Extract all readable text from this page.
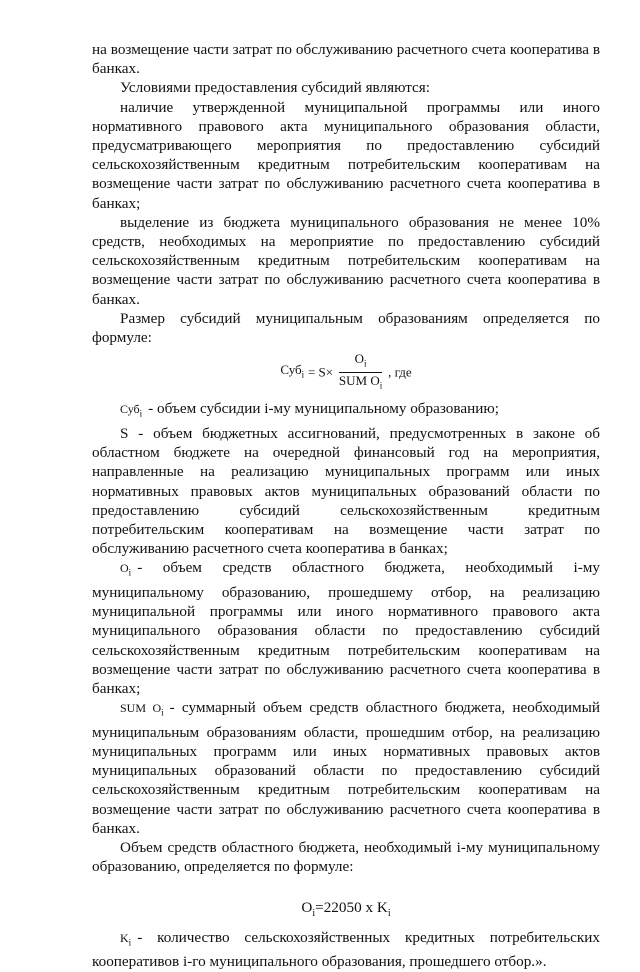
на возмещение части затрат по обслуживанию расчетного счета кооператива в банках.

Условиями предоставления субсидий являются:

наличие утвержденной муниципальной программы или иного нормативного правового акта муниципального образования области, предусматривающего мероприятия по предоставлению субсидий сельскохозяйственным кредитным потребительским кооперативам на возмещение части затрат по обслуживанию расчетного счета кооператива в банках;

выделение из бюджета муниципального образования не менее 10% средств, необходимых на мероприятие по предоставлению субсидий сельскохозяйственным кредитным потребительским кооперативам на возмещение части затрат по обслуживанию расчетного счета кооператива в банках.

Размер субсидий муниципальным образованиям определяется по формуле:

$Суб_i = S\times \frac{O_i}{SUM O_i}$ , где

Суб$_i$ - объем субсидии i-му муниципальному образованию;

S - объем бюджетных ассигнований, предусмотренных в законе об областном бюджете на очередной финансовый год на мероприятия, направленные на реализацию муниципальных программ или иных нормативных правовых актов муниципальных образований области по предоставлению субсидий сельскохозяйственным кредитным потребительским кооперативам на возмещение части затрат по обслуживанию расчетного счета кооператива в банках;

$O_i$ - объем средств областного бюджета, необходимый i-му муниципальному образованию, прошедшему отбор, на реализацию муниципальной программы или иного нормативного правового акта муниципального образования области по предоставлению субсидий сельскохозяйственным кредитным потребительским кооперативам на возмещение части затрат по обслуживанию расчетного счета кооператива в банках;

SUM $O_i$ - суммарный объем средств областного бюджета, необходимый муниципальным образованиям области, прошедшим отбор, на реализацию муниципальных программ или иных нормативных правовых актов муниципальных образований области по предоставлению субсидий сельскохозяйственным кредитным потребительским кооперативам на возмещение части затрат по обслуживанию расчетного счета кооператива в банках.

Объем средств областного бюджета, необходимый i-му муниципальному образованию, определяется по формуле:

$O_i=22050$ x $K_i$

$K_i$ - количество сельскохозяйственных кредитных потребительских кооперативов i-го муниципального образования, прошедшего отбор.».
